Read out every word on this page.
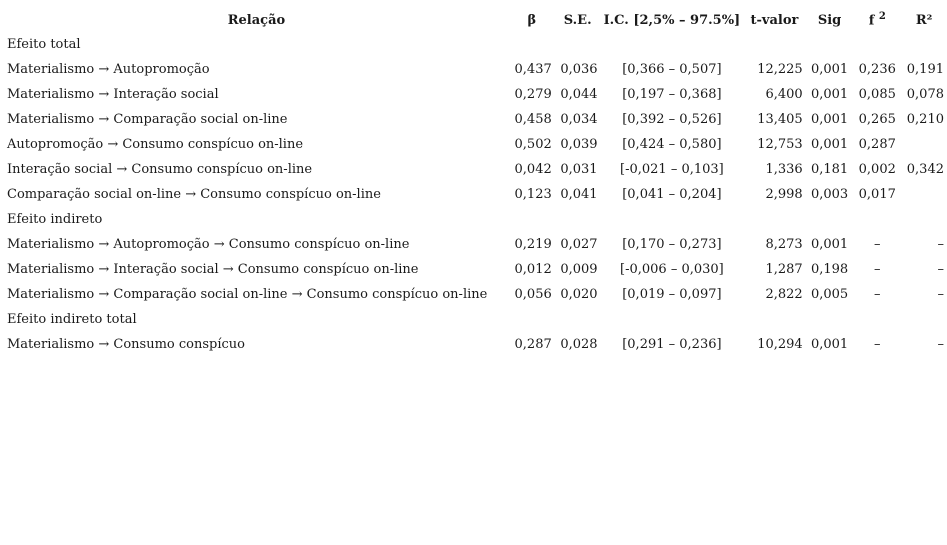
Relação	β	S.E.	I.C. [2,5% – 97.5%]	t-valor	Sig	f $^2$	R²
Efeito total							
Materialismo → Autopromoção	0,437	0,036	[0,366 – 0,507]	12,225	0,001	0,236	0,191
Materialismo → Interação social	0,279	0,044	[0,197 – 0,368]	6,400	0,001	0,085	0,078
Materialismo → Comparação social on-line	0,458	0,034	[0,392 – 0,526]	13,405	0,001	0,265	0,210
Autopromoção → Consumo conspícuo on-line	0,502	0,039	[0,424 – 0,580]	12,753	0,001	0,287	
Interação social → Consumo conspícuo on-line	0,042	0,031	[-0,021 – 0,103]	1,336	0,181	0,002	0,342
Comparação social on-line → Consumo conspícuo on-line	0,123	0,041	[0,041 – 0,204]	2,998	0,003	0,017	
Efeito indireto							
Materialismo → Autopromoção → Consumo conspícuo on-line	0,219	0,027	[0,170 – 0,273]	8,273	0,001	–	–
Materialismo → Interação social → Consumo conspícuo on-line	0,012	0,009	[-0,006 – 0,030]	1,287	0,198	–	–
Materialismo → Comparação social on-line → Consumo conspícuo on-line	0,056	0,020	[0,019 – 0,097]	2,822	0,005	–	–
Efeito indireto total							
Materialismo → Consumo conspícuo	0,287	0,028	[0,291 – 0,236]	10,294	0,001	–	–
